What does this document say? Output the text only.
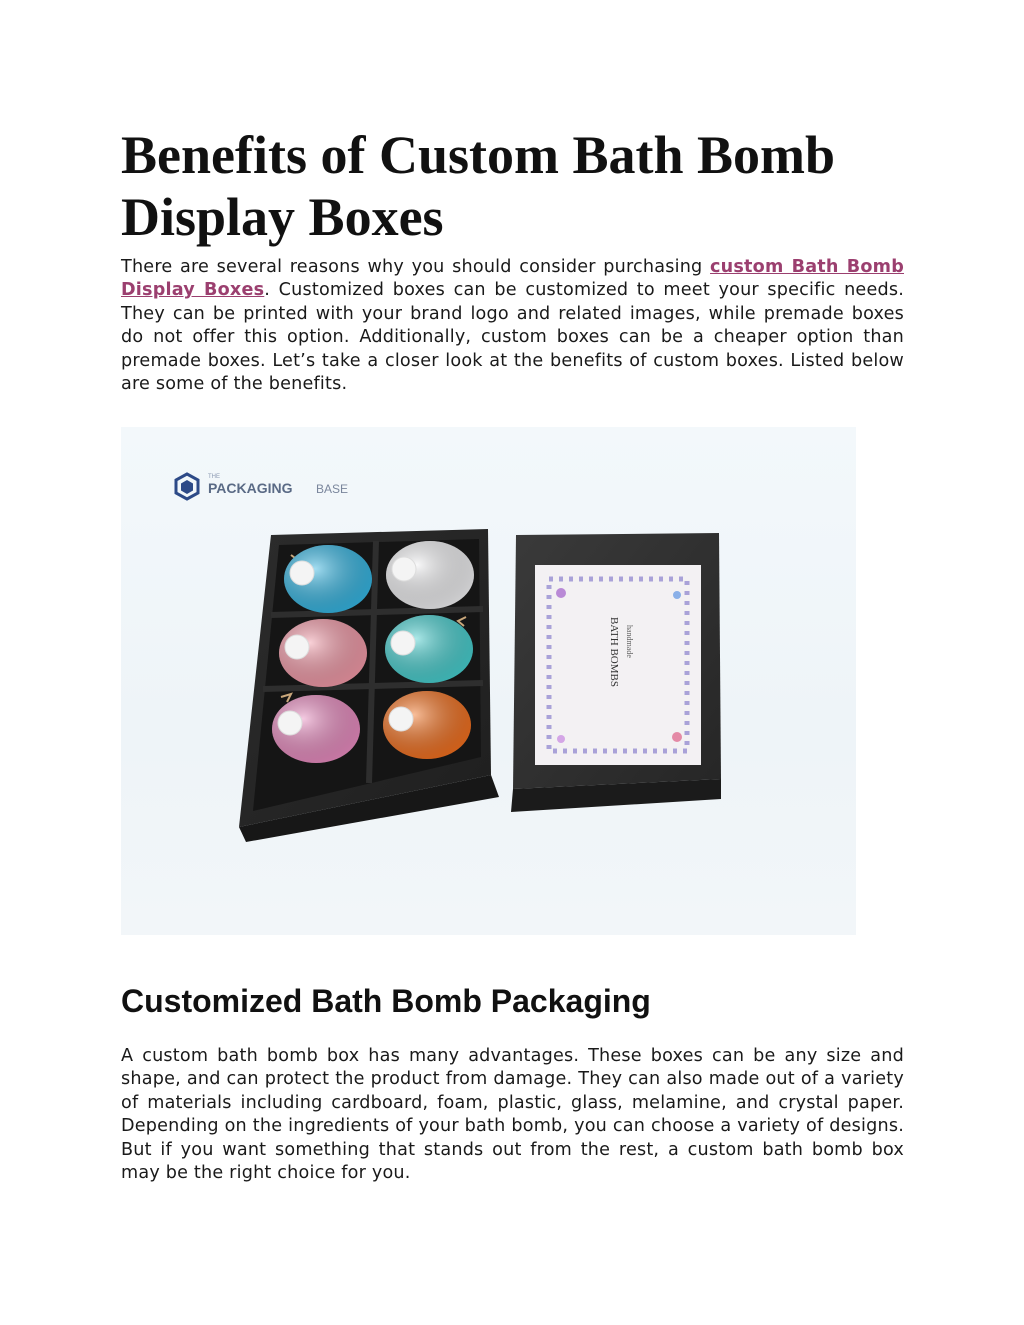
Benefits of Custom Bath Bomb Display Boxes

There are several reasons why you should consider purchasing custom Bath Bomb Display Boxes. Customized boxes can be customized to meet your specific needs. They can be printed with your brand logo and related images, while premade boxes do not offer this option. Additionally, custom boxes can be a cheaper option than premade boxes. Let’s take a closer look at the benefits of custom boxes. Listed below are some of the benefits.

THE
PACKAGING BASE
BATH BOMBS handmade
Customized Bath Bomb Packaging

A custom bath bomb box has many advantages. These boxes can be any size and shape, and can protect the product from damage. They can also made out of a variety of materials including cardboard, foam, plastic, glass, melamine, and crystal paper. Depending on the ingredients of your bath bomb, you can choose a variety of designs. But if you want something that stands out from the rest, a custom bath bomb box may be the right choice for you.
